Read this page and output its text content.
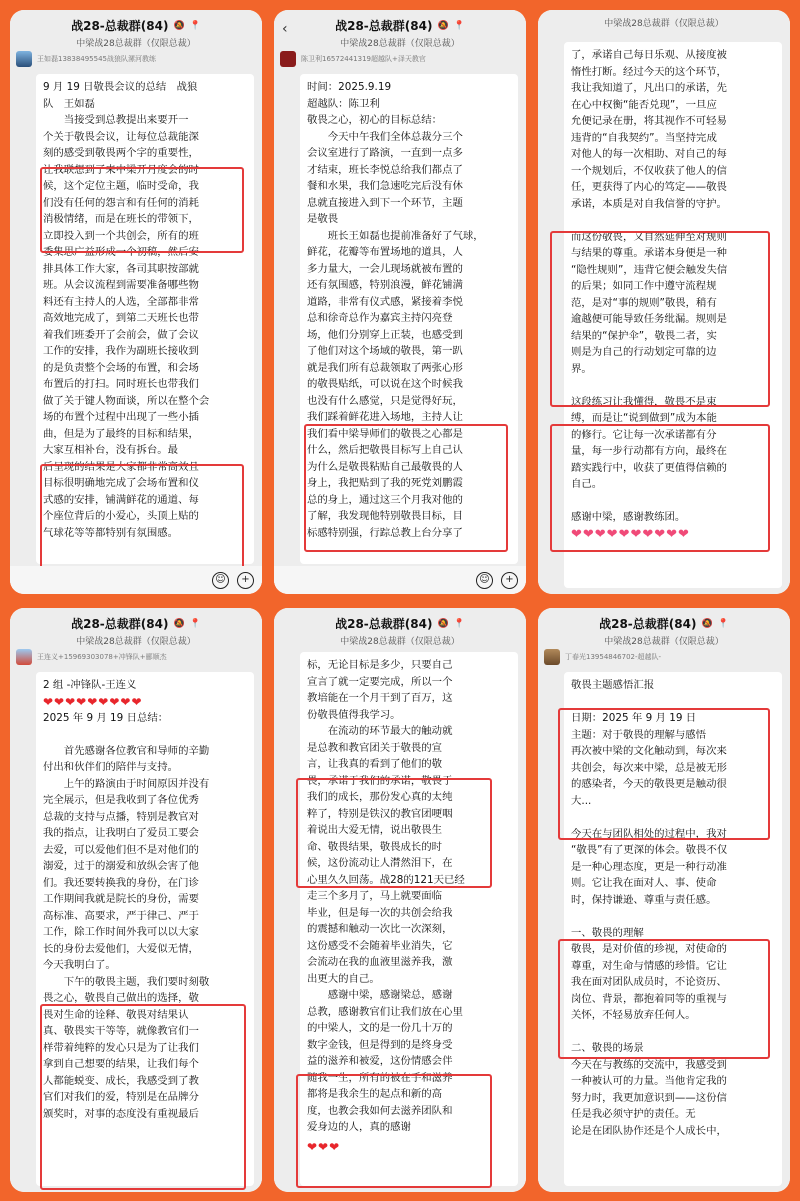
战28-总裁群(84) 🔕 📍
中梁战28总裁群（仅限总裁）
王如磊13838495545战狼队漯河教练
9 月 19 日敬畏会议的总结　战狼
队　王如磊
　　当接受到总教提出来要开一
个关于敬畏会议，让每位总裁能深
刻的感受到敬畏两个字的重要性，
让我联想到了来中梁开月度会的时
候，这个定位主题，临时受命，我
们没有任何的怨言和有任何的消耗
消极情绪，而是在班长的带领下，
立即投入到一个共创会，所有的班
委集思广益形成一个初稿，然后安
排具体工作大家，各司其职按部就
班。从会议流程到需要准备哪些物
料还有主持人的人选，全部都非常
高效地完成了，到第二天班长也带
着我们班委开了会前会，做了会议
工作的安排，我作为副班长接收到
的是负责整个会场的布置，和会场
布置后的打扫。同时班长也带我们
做了关于键人物面谈，所以在整个会
场的布置个过程中出现了一些小插
曲，但是为了最终的目标和结果，
大家互相补台，没有拆台。最
后呈现的结果是大家都非常高效且
目标很明确地完成了会场布置和仪
式感的安排，铺满鲜花的通道、每
个座位背后的小爱心，头顶上贴的
气球花等等都特别有氛围感。
☺	+
‹	战28-总裁群(84) 🔕 📍
中梁战28总裁群（仅限总裁）
陈卫利16572441319超越队+泽天教官
时间：2025.9.19
超越队：陈卫利
敬畏之心，初心的目标总结：
　　今天中午我们全体总裁分三个
会议室进行了路演，一直到一点多
才结束，班长李悦总给我们都点了
餐和水果，我们急速吃完后没有休
息就直接进入到下一个环节，主题
是敬畏
　　班长王如磊也提前准备好了气球，
鲜花，花瓣等布置场地的道具，人
多力量大，一会儿现场就被布置的
还有氛围感，特别浪漫，鲜花铺满
道路，非常有仪式感，紧接着李悦
总和徐奇总作为嘉宾主持闪亮登
场，他们分别穿上正装，也感受到
了他们对这个场域的敬畏，第一趴
就是我们所有总裁领取了两张心形
的敬畏贴纸，可以说在这个时候我
也没有什么感觉，只是觉得好玩，
我们踩着鲜花进入场地，主持人让
我们看中梁导师们的敬畏之心都是
什么，然后把敬畏目标写上自己认
为什么是敬畏粘贴自己最敬畏的人
身上，我把贴到了我的死党刘鹏霞
总的身上，通过这三个月我对他的
了解，我发现他特别敬畏目标，目
标感特别强，行踪总教上台分享了
☺	+
中梁战28总裁群（仅限总裁）
了，承诺自己每日乐观、从接度被
惰性打断。经过今天的这个环节，
我让我知道了，凡出口的承诺，先
在心中权衡“能否兑现”，一旦应
允便记录在册，将其视作不可轻易
违背的“自我契约”。当坚持完成
对他人的每一次相助、对自己的每
一个规划后，不仅收获了他人的信
任，更获得了内心的笃定——敬畏
承诺，本质是对自我信誉的守护。

而这份敬畏，又自然延伸至对规则
与结果的尊重。承诺本身便是一种
“隐性规则”，违背它便会触发失信
的后果；如同工作中遵守流程规
范，是对“事的规则”敬畏，稍有
逾越便可能导致任务纰漏。规则是
结果的“保护伞”，敬畏二者，实
则是为自己的行动划定可靠的边
界。

这段练习让我懂得，敬畏不是束
缚，而是让“说到做到”成为本能
的修行。它让每一次承诺都有分
量，每一步行动都有方向，最终在
踏实践行中，收获了更值得信赖的
自己。

感谢中梁，感谢教练团。
❤❤❤❤❤❤❤❤❤❤
战28-总裁群(84) 🔕 📍
中梁战28总裁群（仅限总裁）
王连义+15969303078+冲锋队+郦顺杰
2 组 -冲锋队-王连义
❤❤❤❤❤❤❤❤❤
2025 年 9 月 19 日总结：

　　首先感谢各位教官和导师的辛勤
付出和伙伴们的陪伴与支持。
　　上午的路演由于时间原因并没有
完全展示，但是我收到了各位优秀
总裁的支持与点播，特别是教官对
我的指点，让我明白了爱员工要会
去爱，可以爱他们但不是对他们的
溺爱，过于的溺爱和放纵会害了他
们。我还要转换我的身份，在门诊
工作期间我就是院长的身份，需要
高标准、高要求，严于律己、严于
工作，除工作时间外我可以以大家
长的身份去爱他们，大爱似无情，
今天我明白了。
　　下午的敬畏主题，我们要时刻敬
畏之心，敬畏自己做出的选择，敬
畏对生命的诠释、敬畏对结果认
真、敬畏实干等等，就像教官们一
样带着纯粹的发心只是为了让我们
拿到自己想要的结果，让我们每个
人都能蜕变、成长，我感受到了教
官们对我们的爱，特别是在品牌分
颁奖时，对事的态度没有重视最后
战28-总裁群(84) 🔕 📍
中梁战28总裁群（仅限总裁）
标，无论目标是多少，只要自己
宣言了就一定要完成，所以一个
教培能在一个月干到了百万，这
份敬畏值得我学习。
　　在流动的环节最大的触动就
是总教和教官团关于敬畏的宣
言，让我真的看到了他们的敬
畏，承诺于我们的承诺，敬畏于
我们的成长，那份发心真的太纯
粹了，特别是铁汉的教官团哽咽
着说出大爱无情，说出敬畏生
命、敬畏结果，敬畏成长的时
候，这份流动让人潸然泪下，在
心里久久回荡。战28的121天已经
走三个多月了，马上就要面临
毕业，但是每一次的共创会给我
的震撼和触动一次比一次深刻，
这份感受不会随着毕业消失，它
会流动在我的血液里滋养我，激
出更大的自己。
　　感谢中梁，感谢梁总，感谢
总教，感谢教官们让我们放在心里
的中梁人，文的是一份几十万的
数字金钱，但是得到的是终身受
益的滋养和被爱，这份情感会伴
随我一生，所有的被在手和滋养
都将是我余生的起点和新的高
度，也教会我如何去滋养团队和
爱身边的人，真的感谢
❤❤❤
战28-总裁群(84) 🔕 📍
中梁战28总裁群（仅限总裁）
丁春光13954846702-超越队-
敬畏主题感悟汇报

日期：2025 年 9 月 19 日
主题：对于敬畏的理解与感悟
再次被中梁的文化触动到，每次来
共创会，每次来中梁，总是被无形
的感染者，今天的敬畏更是触动很
大...

今天在与团队相处的过程中，我对
“敬畏”有了更深的体会。敬畏不仅
是一种心理态度，更是一种行动准
则。它让我在面对人、事、使命
时，保持谦逊、尊重与责任感。

一、敬畏的理解
敬畏，是对价值的珍视，对使命的
尊重，对生命与情感的珍惜。它让
我在面对团队成员时，不论资历、
岗位、背景，都抱着同等的重视与
关怀，不轻易放弃任何人。

二、敬畏的场景
今天在与教练的交流中，我感受到
一种被认可的力量。当他肯定我的
努力时，我更加意识到——这份信
任是我必须守护的责任。无
论是在团队协作还是个人成长中，
